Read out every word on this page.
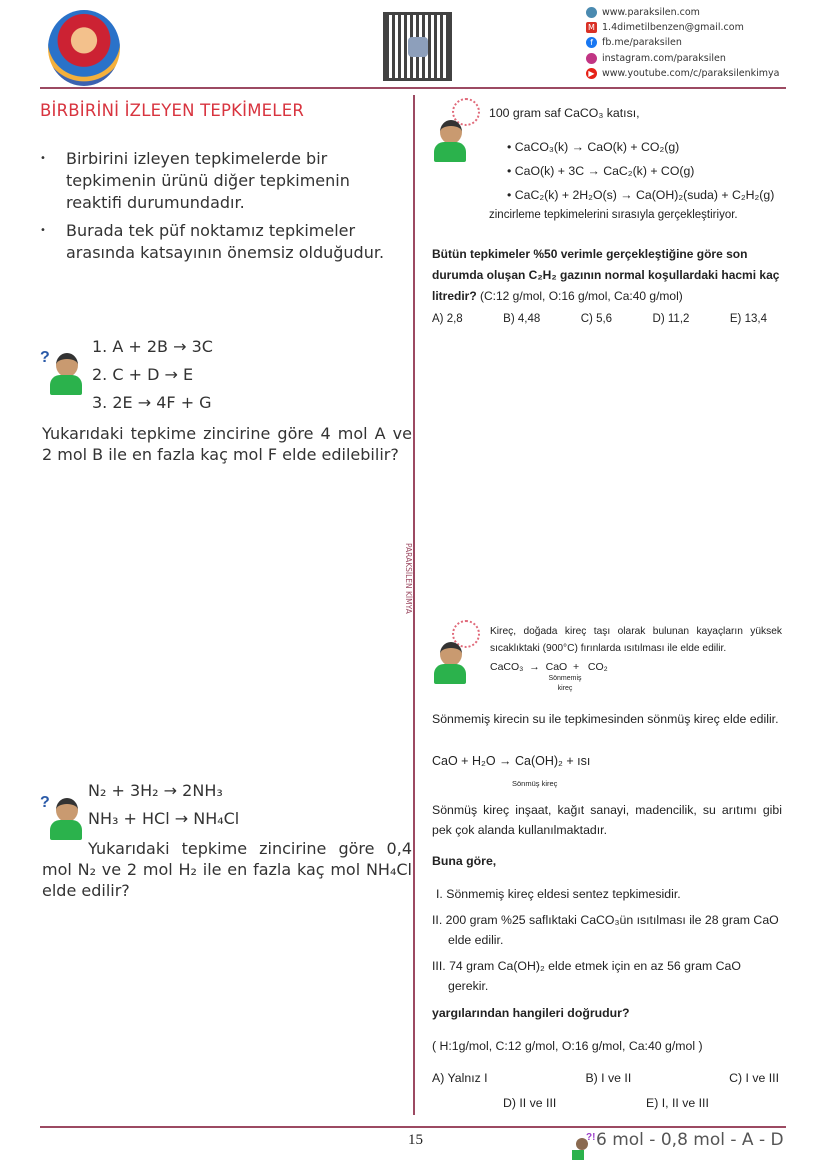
www.paraksilen.com
M 1.4dimetilbenzen@gmail.com
f fb.me/paraksilen
instagram.com/paraksilen
▶ www.youtube.com/c/paraksilenkimya
PARAKSİLEN KİMYA
BİRBİRİNİ İZLEYEN TEPKİMELER
• Birbirini izleyen tepkimelerde bir tepkimenin ürünü diğer tepkimenin reaktifi durumundadır.
• Burada tek püf noktamız tepkimeler arasında katsayının önemsiz olduğudur.
?
1. A + 2B → 3C
2. C + D → E
3. 2E → 4F + G
Yukarıdaki tepkime zincirine göre 4 mol A ve 2 mol B ile en fazla kaç mol F elde edilebilir?
?
N₂ + 3H₂ → 2NH₃
NH₃ + HCl → NH₄Cl
Yukarıdaki tepkime zincirine göre 0,4 mol N₂ ve 2 mol H₂ ile en fazla kaç mol NH₄Cl elde edilir?
100 gram saf CaCO₃ katısı,
• CaCO₃(k) → CaO(k) + CO₂(g)
• CaO(k) + 3C → CaC₂(k) + CO(g)
• CaC₂(k) + 2H₂O(s) → Ca(OH)₂(suda) + C₂H₂(g)
zincirleme tepkimelerini sırasıyla gerçekleştiriyor.
Bütün tepkimeler %50 verimle gerçekleştiğine göre son durumda oluşan C₂H₂ gazının normal koşullardaki hacmi kaç litredir? (C:12 g/mol, O:16 g/mol, Ca:40 g/mol)
A) 2,8	B) 4,48	C) 5,6	D) 11,2	E) 13,4
Kireç, doğada kireç taşı olarak bulunan kayaçların yüksek sıcaklıktaki (900°C) fırınlarda ısıtılması ile elde edilir.
CaCO₃  →  CaO  +   CO₂
Sönmemiş kireç
Sönmemiş kirecin su ile tepkimesinden sönmüş kireç elde edilir.
CaO + H₂O → Ca(OH)₂ + ısı
Sönmüş kireç
Sönmüş kireç inşaat, kağıt sanayi, madencilik, su arıtımı gibi pek çok alanda kullanılmaktadır.
Buna göre,
I. Sönmemiş kireç eldesi sentez tepkimesidir.
II. 200 gram %25 saflıktaki CaCO₃ün ısıtılması ile 28 gram CaO elde edilir.
III. 74 gram Ca(OH)₂ elde etmek için en az 56 gram CaO gerekir.
yargılarından hangileri doğrudur?
( H:1g/mol, C:12 g/mol, O:16 g/mol, Ca:40 g/mol )
A) Yalnız I	B) I ve II	C) I ve III
D) II ve III	E) I, II ve III
15	?! 6 mol - 0,8 mol - A - D
